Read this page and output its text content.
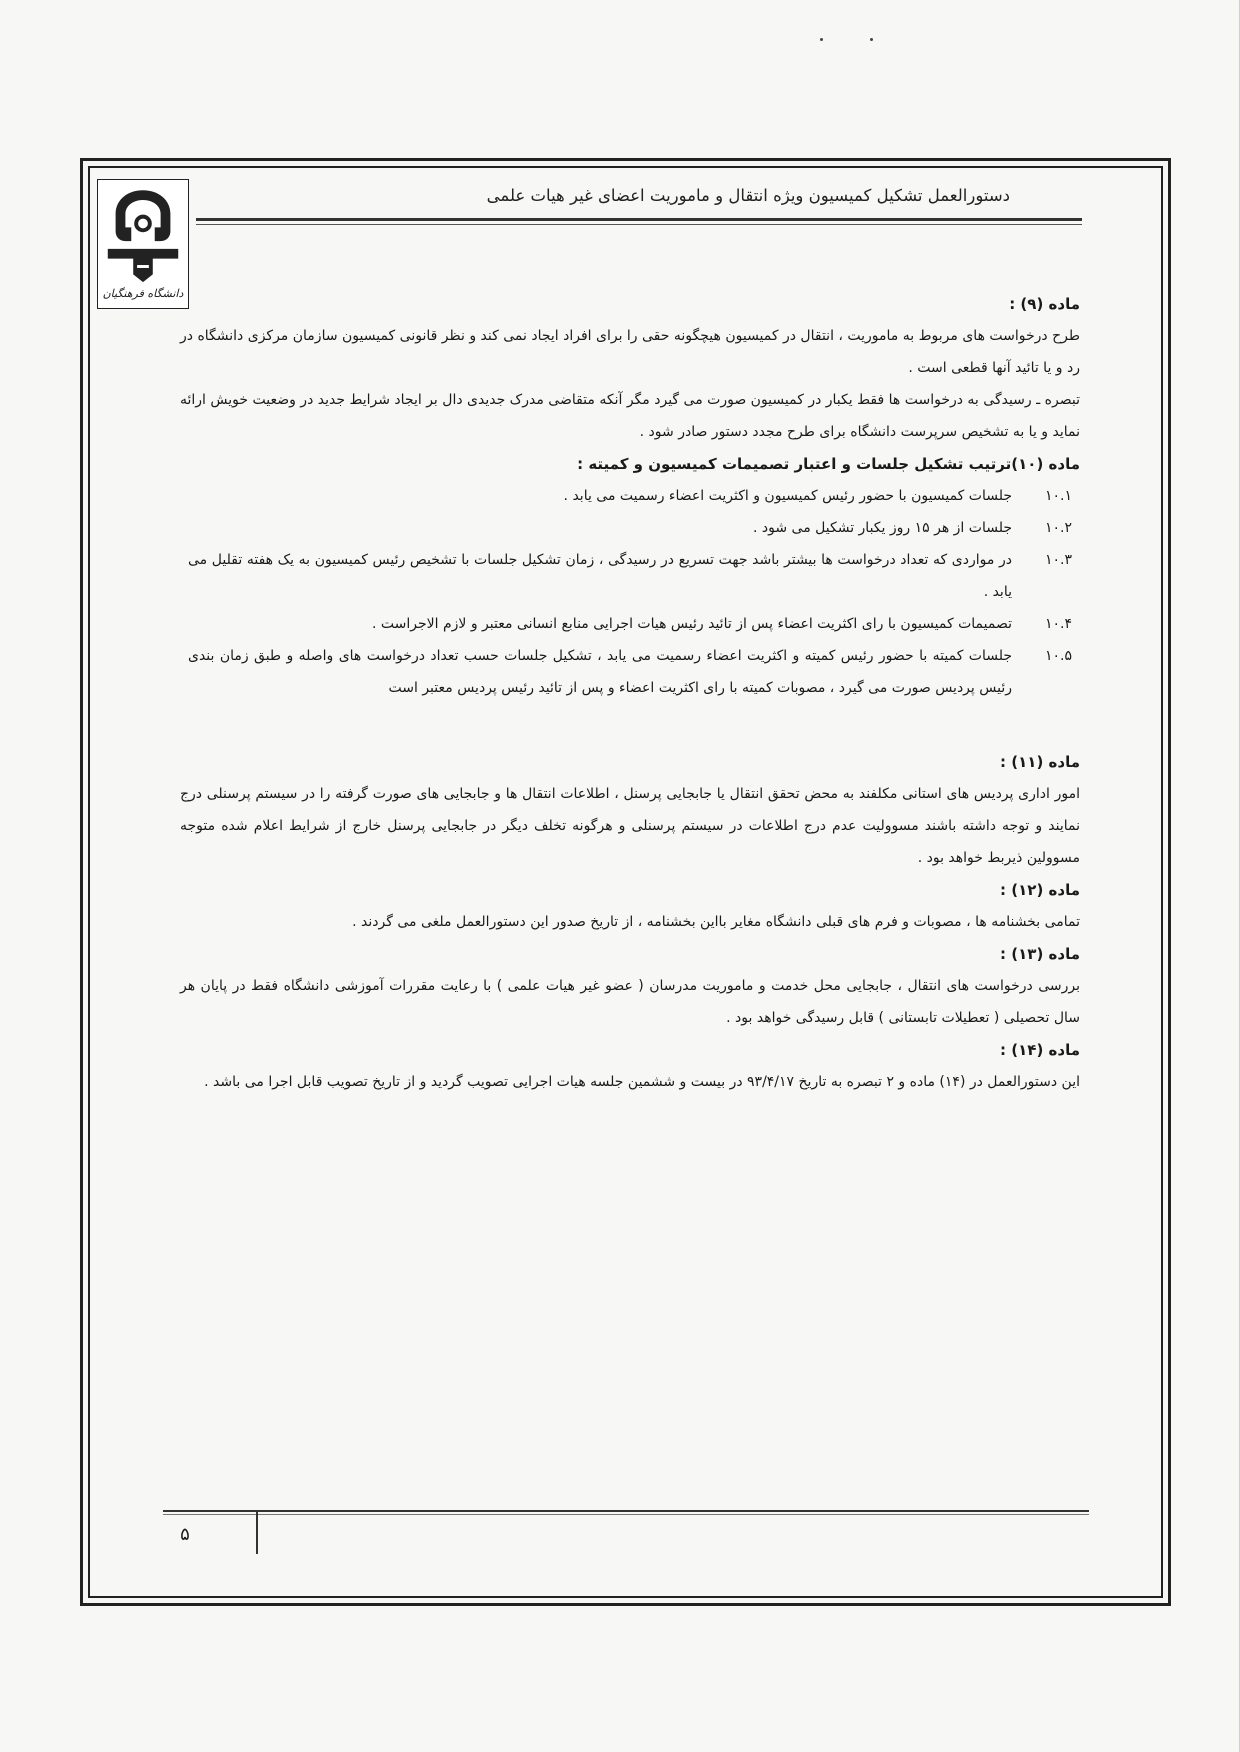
دانشگاه فرهنگیان
دستورالعمل تشکیل کمیسیون ویژه انتقال و ماموریت اعضای غیر هیات علمی
ماده (۹) :

طرح درخواست های مربوط به ماموریت ، انتقال در کمیسیون هیچگونه حقی را برای افراد ایجاد نمی کند و نظر قانونی کمیسیون سازمان مرکزی دانشگاه در رد و یا تائید آنها قطعی است .

تبصره ـ رسیدگی به درخواست ها فقط یکبار در کمیسیون صورت می گیرد مگر آنکه متقاضی مدرک جدیدی دال بر ایجاد شرایط جدید در وضعیت خویش ارائه نماید و یا به تشخیص سرپرست دانشگاه برای طرح مجدد دستور صادر شود .

ماده (۱۰)ترتیب تشکیل جلسات و اعتبار تصمیمات کمیسیون و کمیته :
۱۰.۱
جلسات کمیسیون با حضور رئیس کمیسیون و اکثریت اعضاء رسمیت می یابد .
۱۰.۲
جلسات از هر ۱۵ روز یکبار تشکیل می شود .
۱۰.۳
در مواردی که تعداد درخواست ها بیشتر باشد جهت تسریع در رسیدگی ، زمان تشکیل جلسات با تشخیص رئیس کمیسیون به یک هفته تقلیل می یابد .
۱۰.۴
تصمیمات کمیسیون با رای اکثریت اعضاء پس از تائید رئیس هیات اجرایی منابع انسانی معتبر و لازم الاجراست .
۱۰.۵
جلسات کمیته با حضور رئیس کمیته و اکثریت اعضاء رسمیت می یابد ، تشکیل جلسات حسب تعداد درخواست های واصله و طبق زمان بندی رئیس پردیس صورت می گیرد ، مصوبات کمیته با رای اکثریت اعضاء و پس از تائید رئیس پردیس معتبر است
ماده (۱۱) :

امور اداری پردیس های استانی مکلفند به محض تحقق انتقال یا جابجایی پرسنل ، اطلاعات انتقال ها و جابجایی های صورت گرفته را در سیستم پرسنلی درج نمایند و توجه داشته باشند مسوولیت عدم درج اطلاعات در سیستم پرسنلی و هرگونه تخلف دیگر در جابجایی پرسنل خارج از شرایط اعلام شده متوجه مسوولین ذیربط خواهد بود .

ماده (۱۲) :

تمامی بخشنامه ها ، مصوبات و فرم های قبلی دانشگاه مغایر بااین بخشنامه ، از تاریخ صدور این دستورالعمل ملغی می گردند .

ماده (۱۳) :

بررسی درخواست های انتقال ، جابجایی محل خدمت و ماموریت مدرسان ( عضو غیر هیات علمی ) با رعایت مقررات آموزشی دانشگاه فقط در پایان هر سال تحصیلی ( تعطیلات تابستانی ) قابل رسیدگی خواهد بود .

ماده (۱۴) :

این دستورالعمل در (۱۴) ماده و ۲ تبصره به تاریخ ۹۳/۴/۱۷ در بیست و ششمین جلسه هیات اجرایی تصویب گردید و از تاریخ تصویب قابل اجرا می باشد .

۵
